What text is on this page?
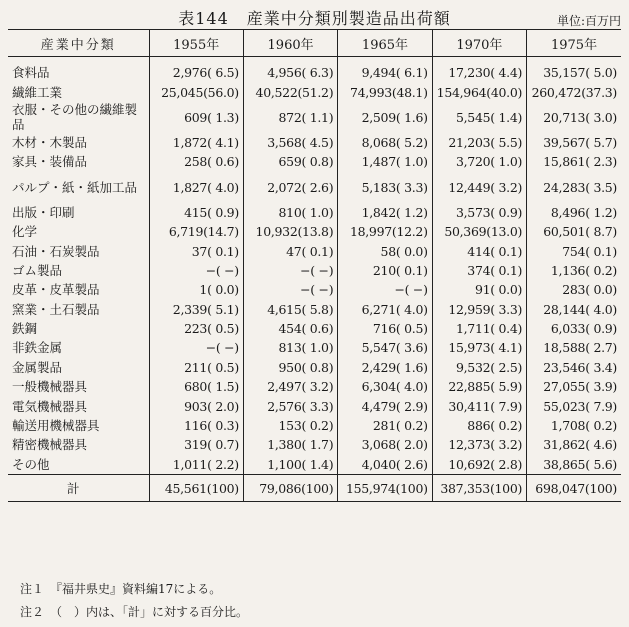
表144 産業中分類別製造品出荷額	単位:百万円
産業中分類	1955年	1960年	1965年	1970年	1975年
食料品	2,976( 6.5)	4,956( 6.3)	9,494( 6.1)	17,230( 4.4)	35,157( 5.0)
繊維工業	25,045(56.0)	40,522(51.2)	74,993(48.1)	154,964(40.0)	260,472(37.3)
衣服・その他の繊維製品	609( 1.3)	872( 1.1)	2,509( 1.6)	5,545( 1.4)	20,713( 3.0)
木材・木製品	1,872( 4.1)	3,568( 4.5)	8,068( 5.2)	21,203( 5.5)	39,567( 5.7)
家具・装備品	258( 0.6)	659( 0.8)	1,487( 1.0)	3,720( 1.0)	15,861( 2.3)
パルプ・紙・紙加工品	1,827( 4.0)	2,072( 2.6)	5,183( 3.3)	12,449( 3.2)	24,283( 3.5)
出版・印刷	415( 0.9)	810( 1.0)	1,842( 1.2)	3,573( 0.9)	8,496( 1.2)
化学	6,719(14.7)	10,932(13.8)	18,997(12.2)	50,369(13.0)	60,501( 8.7)
石油・石炭製品	37( 0.1)	47( 0.1)	58( 0.0)	414( 0.1)	754( 0.1)
ゴム製品	−( −)	−( −)	210( 0.1)	374( 0.1)	1,136( 0.2)
皮革・皮革製品	1( 0.0)	−( −)	−( −)	91( 0.0)	283( 0.0)
窯業・土石製品	2,339( 5.1)	4,615( 5.8)	6,271( 4.0)	12,959( 3.3)	28,144( 4.0)
鉄鋼	223( 0.5)	454( 0.6)	716( 0.5)	1,711( 0.4)	6,033( 0.9)
非鉄金属	−( −)	813( 1.0)	5,547( 3.6)	15,973( 4.1)	18,588( 2.7)
金属製品	211( 0.5)	950( 0.8)	2,429( 1.6)	9,532( 2.5)	23,546( 3.4)
一般機械器具	680( 1.5)	2,497( 3.2)	6,304( 4.0)	22,885( 5.9)	27,055( 3.9)
電気機械器具	903( 2.0)	2,576( 3.3)	4,479( 2.9)	30,411( 7.9)	55,023( 7.9)
輸送用機械器具	116( 0.3)	153( 0.2)	281( 0.2)	886( 0.2)	1,708( 0.2)
精密機械器具	319( 0.7)	1,380( 1.7)	3,068( 2.0)	12,373( 3.2)	31,862( 4.6)
その他	1,011( 2.2)	1,100( 1.4)	4,040( 2.6)	10,692( 2.8)	38,865( 5.6)
計	45,561(100)	79,086(100)	155,974(100)	387,353(100)	698,047(100)
注１　『福井県史』資料編17による。
注２　（　）内は、「計」に対する百分比。
